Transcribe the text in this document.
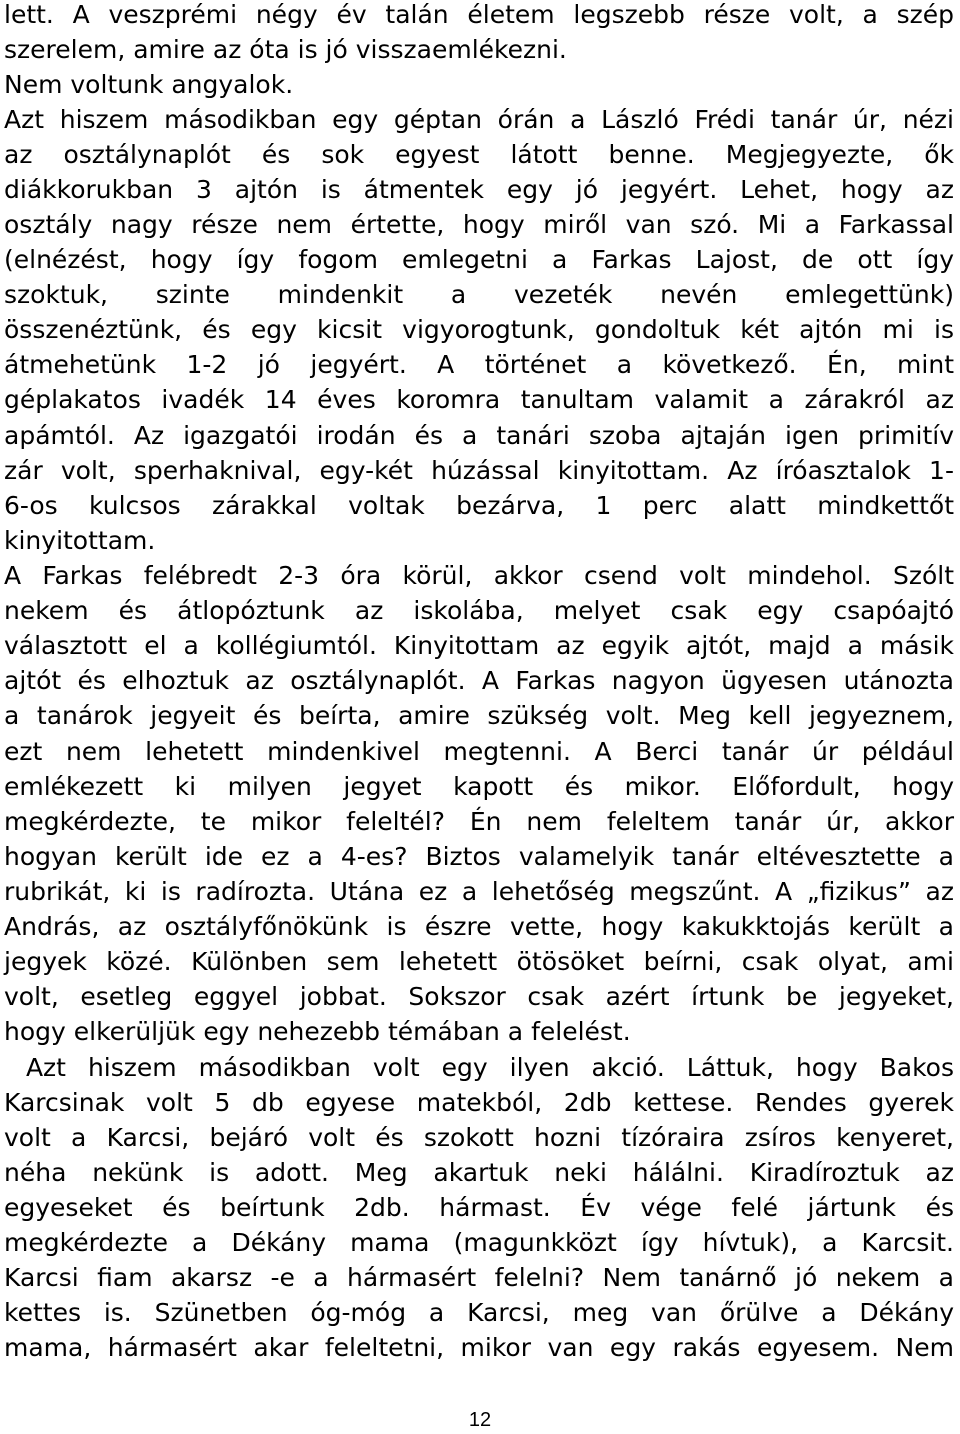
lett. A veszprémi négy év talán életem legszebb része volt, a szép
szerelem, amire az óta is jó visszaemlékezni.
Nem voltunk angyalok.
Azt hiszem másodikban egy géptan órán a László Frédi tanár úr, nézi
az osztálynaplót és sok egyest látott benne. Megjegyezte, ők
diákkorukban 3 ajtón is átmentek egy jó jegyért. Lehet, hogy az
osztály nagy része nem értette, hogy miről van szó. Mi a Farkassal
(elnézést, hogy így fogom emlegetni a Farkas Lajost, de ott így
szoktuk, szinte mindenkit a vezeték nevén emlegettünk)
összenéztünk, és egy kicsit vigyorogtunk, gondoltuk két ajtón mi is
átmehetünk 1-2 jó jegyért. A történet a következő. Én, mint
géplakatos ivadék 14 éves koromra tanultam valamit a zárakról az
apámtól. Az igazgatói irodán és a tanári szoba ajtaján igen primitív
zár volt, sperhaknival, egy-két húzással kinyitottam. Az íróasztalok 1-
6-os kulcsos zárakkal voltak bezárva, 1 perc alatt mindkettőt
kinyitottam.
A Farkas felébredt 2-3 óra körül, akkor csend volt mindehol. Szólt
nekem és átlopóztunk az iskolába, melyet csak egy csapóajtó
választott el a kollégiumtól. Kinyitottam az egyik ajtót, majd a másik
ajtót és elhoztuk az osztálynaplót. A Farkas nagyon ügyesen utánozta
a tanárok jegyeit és beírta, amire szükség volt. Meg kell jegyeznem,
ezt nem lehetett mindenkivel megtenni. A Berci tanár úr például
emlékezett ki milyen jegyet kapott és mikor. Előfordult, hogy
megkérdezte, te mikor feleltél? Én nem feleltem tanár úr, akkor
hogyan került ide ez a 4-es? Biztos valamelyik tanár eltévesztette a
rubrikát, ki is radírozta. Utána ez a lehetőség megszűnt. A „fizikus” az
András, az osztályfőnökünk is észre vette, hogy kakukktojás került a
jegyek közé. Különben sem lehetett ötösöket beírni, csak olyat, ami
volt, esetleg eggyel jobbat. Sokszor csak azért írtunk be jegyeket,
hogy elkerüljük egy nehezebb témában a felelést.
Azt hiszem másodikban volt egy ilyen akció. Láttuk, hogy Bakos
Karcsinak volt 5 db egyese matekból, 2db kettese. Rendes gyerek
volt a Karcsi, bejáró volt és szokott hozni tízóraira zsíros kenyeret,
néha nekünk is adott. Meg akartuk neki hálálni. Kiradíroztuk az
egyeseket és beírtunk 2db. hármast. Év vége felé jártunk és
megkérdezte a Dékány mama (magunkközt így hívtuk), a Karcsit.
Karcsi fiam akarsz -e a hármasért felelni? Nem tanárnő jó nekem a
kettes is. Szünetben óg-móg a Karcsi, meg van őrülve a Dékány
mama, hármasért akar feleltetni, mikor van egy rakás egyesem. Nem
12
